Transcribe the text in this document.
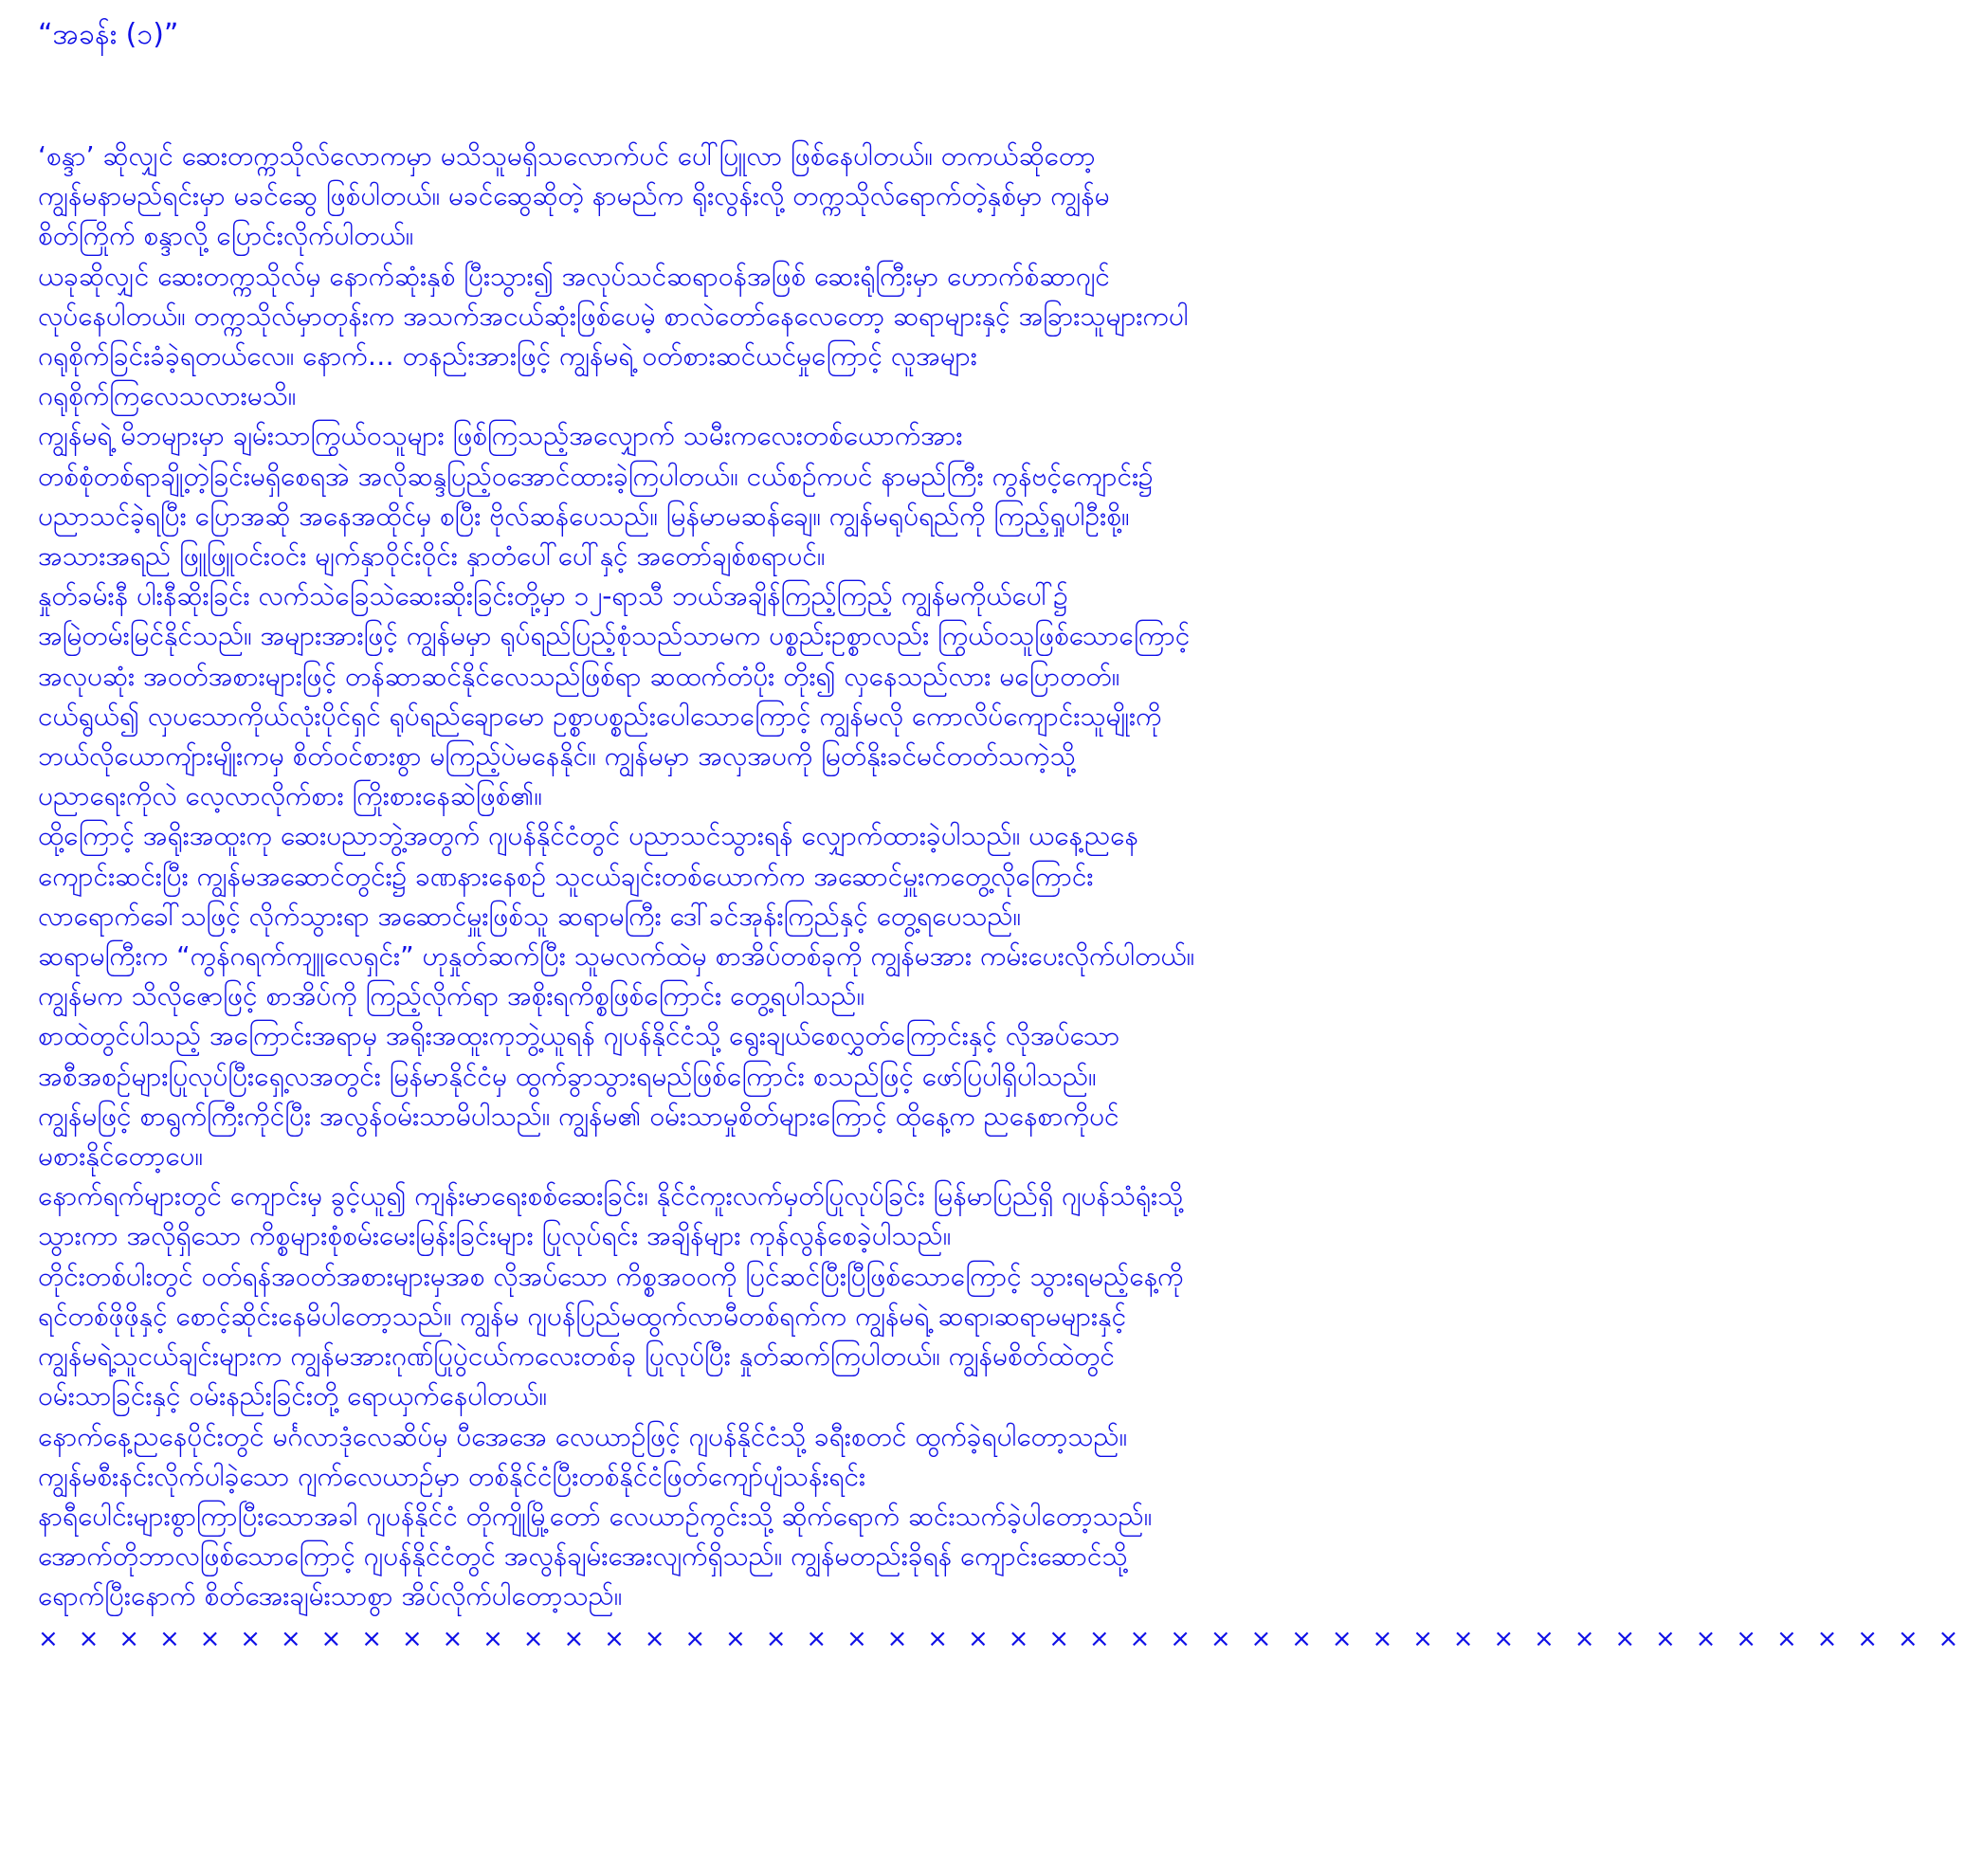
“အခန်း (၁)”

‘စန္ဒာ’ ဆိုလျှင် ဆေးတက္ကသိုလ်လောကမှာ မသိသူမရှိသလောက်ပင် ပေါ်ပြူလာ ဖြစ်နေပါတယ်။ တကယ်ဆိုတော့

ကျွန်မနာမည်ရင်းမှာ မခင်ဆွေ ဖြစ်ပါတယ်။ မခင်ဆွေဆိုတဲ့ နာမည်က ရိုးလွန်းလို့ တက္ကသိုလ်ရောက်တဲ့နှစ်မှာ ကျွန်မ

စိတ်ကြိုက် စန္ဒာလို့ ပြောင်းလိုက်ပါတယ်။

ယခုဆိုလျှင် ဆေးတက္ကသိုလ်မှ နောက်ဆုံးနှစ် ပြီးသွား၍ အလုပ်သင်ဆရာဝန်အဖြစ် ဆေးရုံကြီးမှာ ဟောက်စ်ဆာဂျင်

လုပ်နေပါတယ်။ တက္ကသိုလ်မှာတုန်းက အသက်အငယ်ဆုံးဖြစ်ပေမဲ့ စာလဲတော်နေလေတော့ ဆရာများနှင့် အခြားသူများကပါ

ဂရုစိုက်ခြင်းခံခဲ့ရတယ်လေ။ နောက်… တနည်းအားဖြင့် ကျွန်မရဲ့ ဝတ်စားဆင်ယင်မှုကြောင့် လူအများ

ဂရုစိုက်ကြလေသလားမသိ။

ကျွန်မရဲ့ မိဘများမှာ ချမ်းသာကြွယ်ဝသူများ ဖြစ်ကြသည့်အလျှောက် သမီးကလေးတစ်ယောက်အား

တစ်စုံတစ်ရာချို့တဲ့ခြင်းမရှိစေရအဲ အလိုဆန္ဒပြည့်ဝအောင်ထားခဲ့ကြပါတယ်။ ငယ်စဉ်ကပင် နာမည်ကြီး ကွန်ဗင့်ကျောင်း၌

ပညာသင်ခဲ့ရပြီး ပြောအဆို အနေအထိုင်မှ စပြီး ဗိုလ်ဆန်ပေသည်။ မြန်မာမဆန်ချေ။ ကျွန်မရုပ်ရည်ကို ကြည့်ရှုပါဦးစို့။

အသားအရည် ဖြူဖြူဝင်းဝင်း မျက်နှာဝိုင်းဝိုင်း နှာတံပေါ်ပေါ်နှင့် အတော်ချစ်စရာပင်။

နှုတ်ခမ်းနီ ပါးနီဆိုးခြင်း လက်သဲခြေသဲဆေးဆိုးခြင်းတို့မှာ ၁၂-ရာသီ ဘယ်အချိန်ကြည့်ကြည့် ကျွန်မကိုယ်ပေါ်၌

အမြဲတမ်းမြင်နိုင်သည်။ အများအားဖြင့် ကျွန်မမှာ ရုပ်ရည်ပြည့်စုံသည်သာမက ပစ္စည်းဥစ္စာလည်း ကြွယ်ဝသူဖြစ်သောကြောင့်

အလုပဆုံး အဝတ်အစားများဖြင့် တန်ဆာဆင်နိုင်လေသည်ဖြစ်ရာ ဆထက်တံပိုး တိုး၍ လှနေသည်လား မပြောတတ်။

ငယ်ရွယ်၍ လှပသောကိုယ်လုံးပိုင်ရှင် ရုပ်ရည်ချောမော ဥစ္စာပစ္စည်းပေါသောကြောင့် ကျွန်မလို ကောလိပ်ကျောင်းသူမျိုးကို

ဘယ်လိုယောကျ်ားမျိုးကမှ စိတ်ဝင်စားစွာ မကြည့်ပဲမနေနိုင်။ ကျွန်မမှာ အလှအပကို မြတ်နိုးခင်မင်တတ်သကဲ့သို့

ပညာရေးကိုလဲ လေ့လာလိုက်စား ကြိုးစားနေဆဲဖြစ်၏။

ထို့ကြောင့် အရိုးအထူးကု ဆေးပညာဘွဲ့အတွက် ဂျပန်နိုင်ငံတွင် ပညာသင်သွားရန် လျှောက်ထားခဲ့ပါသည်။ ယနေ့ညနေ

ကျောင်းဆင်းပြီး ကျွန်မအဆောင်တွင်း၌ ခဏနားနေစဉ် သူငယ်ချင်းတစ်ယောက်က အဆောင်မှူးကတွေ့လိုကြောင်း

လာရောက်ခေါ်သဖြင့် လိုက်သွားရာ အဆောင်မှူးဖြစ်သူ ဆရာမကြီး ဒေါ်ခင်အုန်းကြည်နှင့် တွေ့ရပေသည်။

ဆရာမကြီးက “ကွန်ဂရက်ကျူလေရှင်း” ဟုနှုတ်ဆက်ပြီး သူမလက်ထဲမှ စာအိပ်တစ်ခုကို ကျွန်မအား ကမ်းပေးလိုက်ပါတယ်။

ကျွန်မက သိလိုဇောဖြင့် စာအိပ်ကို ကြည့်လိုက်ရာ အစိုးရကိစ္စဖြစ်ကြောင်း တွေ့ရပါသည်။

စာထဲတွင်ပါသည့် အကြောင်းအရာမှ အရိုးအထူးကုဘွဲ့ယူရန် ဂျပန်နိုင်ငံသို့ ရွေးချယ်စေလွှတ်ကြောင်းနှင့် လိုအပ်သော

အစီအစဉ်များပြုလုပ်ပြီးရှေ့လအတွင်း မြန်မာနိုင်ငံမှ ထွက်ခွာသွားရမည်ဖြစ်ကြောင်း စသည်ဖြင့် ဖော်ပြပါရှိပါသည်။

ကျွန်မဖြင့် စာရွက်ကြီးကိုင်ပြီး အလွန်ဝမ်းသာမိပါသည်။ ကျွန်မ၏ ဝမ်းသာမှုစိတ်များကြောင့် ထိုနေ့က ညနေစာကိုပင်

မစားနိုင်တော့ပေ။

နောက်ရက်များတွင် ကျောင်းမှ ခွင့်ယူ၍ ကျန်းမာရေးစစ်ဆေးခြင်း၊ နိုင်ငံကူးလက်မှတ်ပြုလုပ်ခြင်း မြန်မာပြည်ရှိ ဂျပန်သံရုံးသို့

သွားကာ အလိုရှိသော ကိစ္စများစုံစမ်းမေးမြန်းခြင်းများ ပြုလုပ်ရင်း အချိန်များ ကုန်လွန်စေခဲ့ပါသည်။

တိုင်းတစ်ပါးတွင် ဝတ်ရန်အဝတ်အစားများမှအစ လိုအပ်သော ကိစ္စအဝဝကို ပြင်ဆင်ပြီးပြီဖြစ်သောကြောင့် သွားရမည့်နေ့ကို

ရင်တစ်ဖိုဖိုနှင့် စောင့်ဆိုင်းနေမိပါတော့သည်။ ကျွန်မ ဂျပန်ပြည်မထွက်လာမီတစ်ရက်က ကျွန်မရဲ့ ဆရာ၊ဆရာမများနှင့်

ကျွန်မရဲ့သူငယ်ချင်းများက ကျွန်မအားဂုဏ်ပြုပွဲငယ်ကလေးတစ်ခု ပြုလုပ်ပြီး နှုတ်ဆက်ကြပါတယ်။ ကျွန်မစိတ်ထဲတွင်

ဝမ်းသာခြင်းနှင့် ဝမ်းနည်းခြင်းတို့ ရောယှက်နေပါတယ်။

နောက်နေ့ညနေပိုင်းတွင် မင်္ဂလာဒုံလေဆိပ်မှ ပီအေအေ လေယာဉ်ဖြင့် ဂျပန်နိုင်ငံသို့ ခရီးစတင် ထွက်ခဲ့ရပါတော့သည်။

ကျွန်မစီးနင်းလိုက်ပါခဲ့သော ဂျက်လေယာဉ်မှာ တစ်နိုင်ငံပြီးတစ်နိုင်ငံဖြတ်ကျော်ပျံသန်းရင်း

နာရီပေါင်းများစွာကြာပြီးသောအခါ ဂျပန်နိုင်ငံ တိုကျိုမြို့တော် လေယာဉ်ကွင်းသို့ ဆိုက်ရောက် ဆင်းသက်ခဲ့ပါတော့သည်။

အောက်တိုဘာလဖြစ်သောကြောင့် ဂျပန်နိုင်ငံတွင် အလွန်ချမ်းအေးလျက်ရှိသည်။ ကျွန်မတည်းခိုရန် ကျောင်းဆောင်သို့

ရောက်ပြီးနောက် စိတ်အေးချမ်းသာစွာ အိပ်လိုက်ပါတော့သည်။

× × × × × × × × × × × × × × × × × × × × × × × × × × × × × × × × × × × × × × × × × × × × × × × ×
